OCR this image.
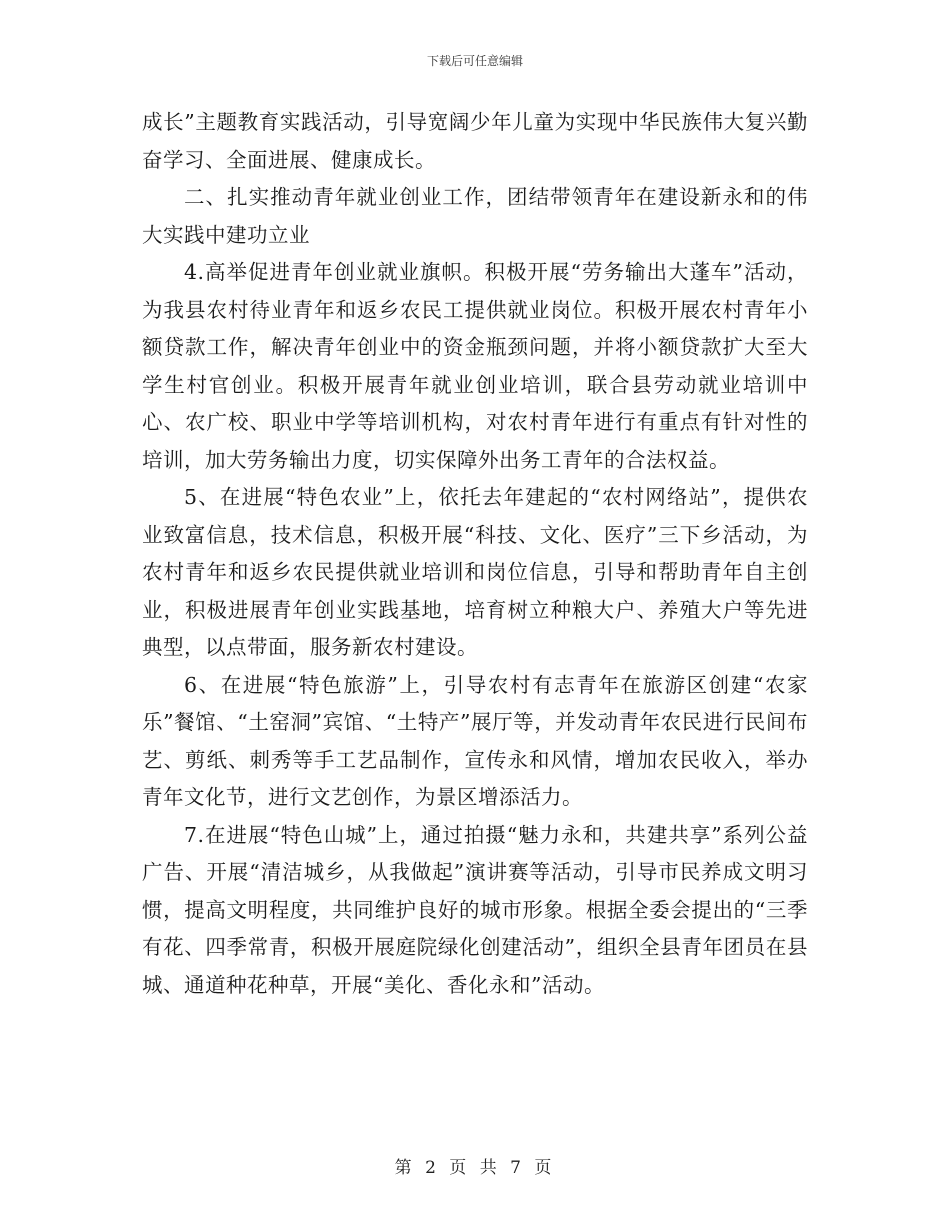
下载后可任意编辑

成长”主题教育实践活动，引导宽阔少年儿童为实现中华民族伟大复兴勤奋学习、全面进展、健康成长。

二、扎实推动青年就业创业工作，团结带领青年在建设新永和的伟大实践中建功立业

4.高举促进青年创业就业旗帜。积极开展“劳务输出大蓬车”活动，为我县农村待业青年和返乡农民工提供就业岗位。积极开展农村青年小额贷款工作，解决青年创业中的资金瓶颈问题，并将小额贷款扩大至大学生村官创业。积极开展青年就业创业培训，联合县劳动就业培训中心、农广校、职业中学等培训机构，对农村青年进行有重点有针对性的培训，加大劳务输出力度，切实保障外出务工青年的合法权益。

5、在进展“特色农业”上，依托去年建起的“农村网络站”，提供农业致富信息，技术信息，积极开展“科技、文化、医疗”三下乡活动，为农村青年和返乡农民提供就业培训和岗位信息，引导和帮助青年自主创业，积极进展青年创业实践基地，培育树立种粮大户、养殖大户等先进典型，以点带面，服务新农村建设。

6、在进展“特色旅游”上，引导农村有志青年在旅游区创建“农家乐”餐馆、“土窑洞”宾馆、“土特产”展厅等，并发动青年农民进行民间布艺、剪纸、刺秀等手工艺品制作，宣传永和风情，增加农民收入，举办青年文化节，进行文艺创作，为景区增添活力。

7.在进展“特色山城”上，通过拍摄“魅力永和，共建共享”系列公益广告、开展“清洁城乡，从我做起”演讲赛等活动，引导市民养成文明习惯，提高文明程度，共同维护良好的城市形象。根据全委会提出的“三季有花、四季常青，积极开展庭院绿化创建活动”，组织全县青年团员在县城、通道种花种草，开展“美化、香化永和”活动。

第 2 页 共 7 页
